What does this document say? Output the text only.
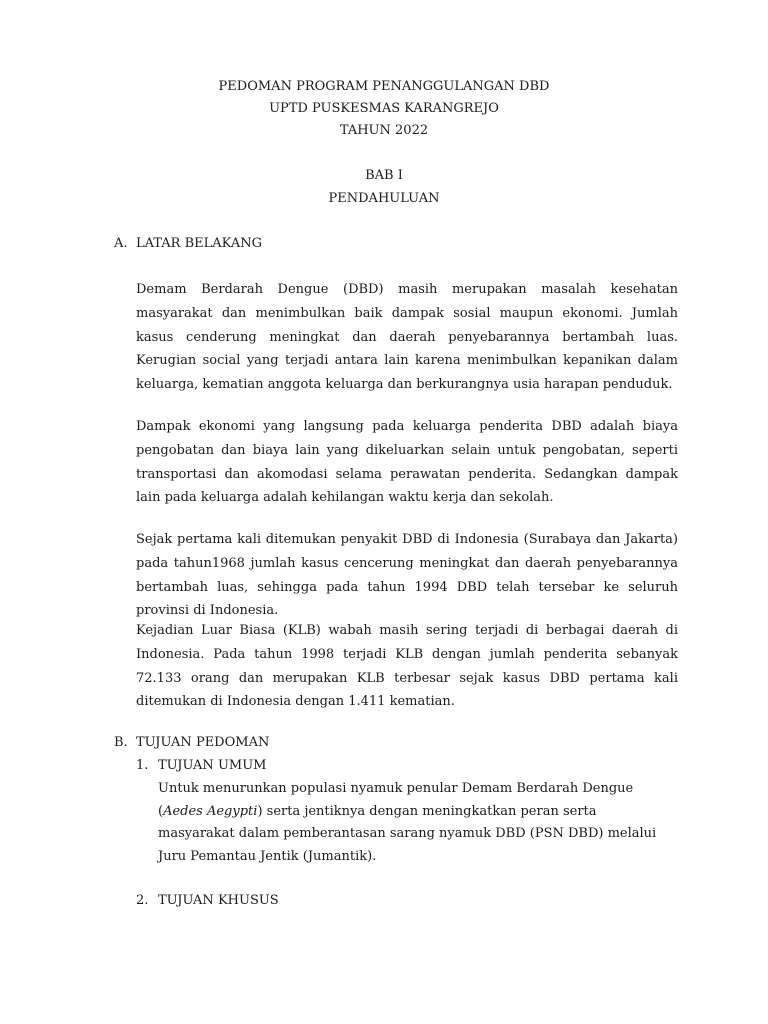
PEDOMAN PROGRAM PENANGGULANGAN DBD
UPTD PUSKESMAS KARANGREJO
TAHUN 2022
BAB I
PENDAHULUAN
A. LATAR BELAKANG

Demam Berdarah Dengue (DBD) masih merupakan masalah kesehatan masyarakat dan menimbulkan baik dampak sosial maupun ekonomi. Jumlah kasus cenderung meningkat dan daerah penyebarannya bertambah luas. Kerugian social yang terjadi antara lain karena menimbulkan kepanikan dalam keluarga, kematian anggota keluarga dan berkurangnya usia harapan penduduk.

Dampak ekonomi yang langsung pada keluarga penderita DBD adalah biaya pengobatan dan biaya lain yang dikeluarkan selain untuk pengobatan, seperti transportasi dan akomodasi selama perawatan penderita. Sedangkan dampak lain pada keluarga adalah kehilangan waktu kerja dan sekolah.

Sejak pertama kali ditemukan penyakit DBD di Indonesia (Surabaya dan Jakarta) pada tahun1968 jumlah kasus cencerung meningkat dan daerah penyebarannya bertambah luas, sehingga pada tahun 1994 DBD telah tersebar ke seluruh provinsi di Indonesia.

Kejadian Luar Biasa (KLB) wabah masih sering terjadi di berbagai daerah di Indonesia. Pada tahun 1998 terjadi KLB dengan jumlah penderita sebanyak 72.133 orang dan merupakan KLB terbesar sejak kasus DBD pertama kali ditemukan di Indonesia dengan 1.411 kematian.

B. TUJUAN PEDOMAN
1. TUJUAN UMUM

Untuk menurunkan populasi nyamuk penular Demam Berdarah Dengue (Aedes Aegypti) serta jentiknya dengan meningkatkan peran serta masyarakat dalam pemberantasan sarang nyamuk DBD (PSN DBD) melalui Juru Pemantau Jentik (Jumantik).

2. TUJUAN KHUSUS
